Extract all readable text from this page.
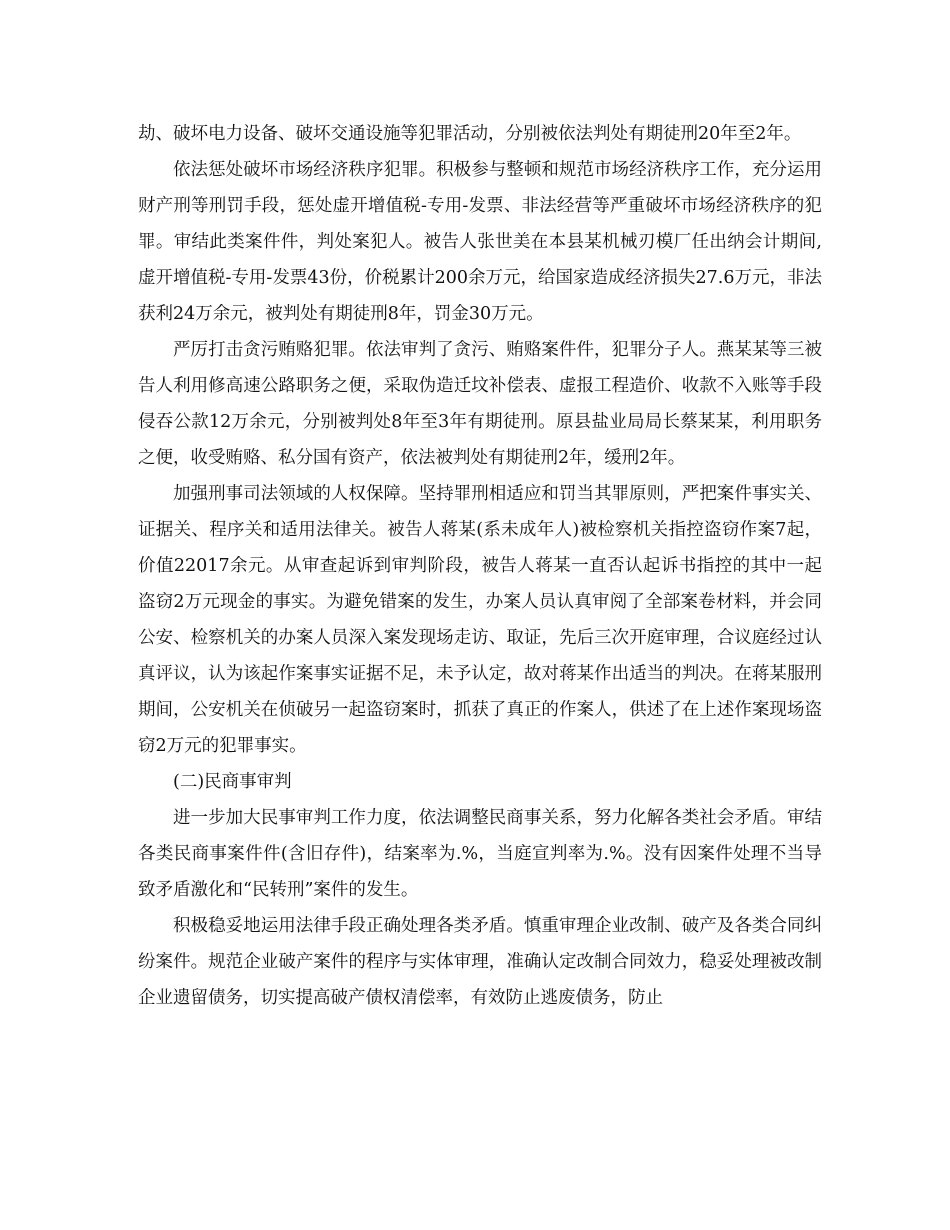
劫、破坏电力设备、破坏交通设施等犯罪活动，分别被依法判处有期徒刑20年至2年。

依法惩处破坏市场经济秩序犯罪。积极参与整顿和规范市场经济秩序工作，充分运用财产刑等刑罚手段，惩处虚开增值税-专用-发票、非法经营等严重破坏市场经济秩序的犯罪。审结此类案件件，判处案犯人。被告人张世美在本县某机械刃模厂任出纳会计期间,虚开增值税-专用-发票43份，价税累计200余万元，给国家造成经济损失27.6万元，非法获利24万余元，被判处有期徒刑8年，罚金30万元。

严厉打击贪污贿赂犯罪。依法审判了贪污、贿赂案件件，犯罪分子人。燕某某等三被告人利用修高速公路职务之便，采取伪造迁坟补偿表、虚报工程造价、收款不入账等手段侵吞公款12万余元，分别被判处8年至3年有期徒刑。原县盐业局局长蔡某某，利用职务之便，收受贿赂、私分国有资产，依法被判处有期徒刑2年，缓刑2年。

加强刑事司法领域的人权保障。坚持罪刑相适应和罚当其罪原则，严把案件事实关、证据关、程序关和适用法律关。被告人蒋某(系未成年人)被检察机关指控盗窃作案7起，价值22017余元。从审查起诉到审判阶段，被告人蒋某一直否认起诉书指控的其中一起盗窃2万元现金的事实。为避免错案的发生，办案人员认真审阅了全部案卷材料，并会同公安、检察机关的办案人员深入案发现场走访、取证，先后三次开庭审理，合议庭经过认真评议，认为该起作案事实证据不足，未予认定，故对蒋某作出适当的判决。在蒋某服刑期间，公安机关在侦破另一起盗窃案时，抓获了真正的作案人，供述了在上述作案现场盗窃2万元的犯罪事实。

(二)民商事审判

进一步加大民事审判工作力度，依法调整民商事关系，努力化解各类社会矛盾。审结各类民商事案件件(含旧存件)，结案率为.%，当庭宣判率为.%。没有因案件处理不当导致矛盾激化和“民转刑”案件的发生。

积极稳妥地运用法律手段正确处理各类矛盾。慎重审理企业改制、破产及各类合同纠纷案件。规范企业破产案件的程序与实体审理，准确认定改制合同效力，稳妥处理被改制企业遗留债务，切实提高破产债权清偿率，有效防止逃废债务，防止
